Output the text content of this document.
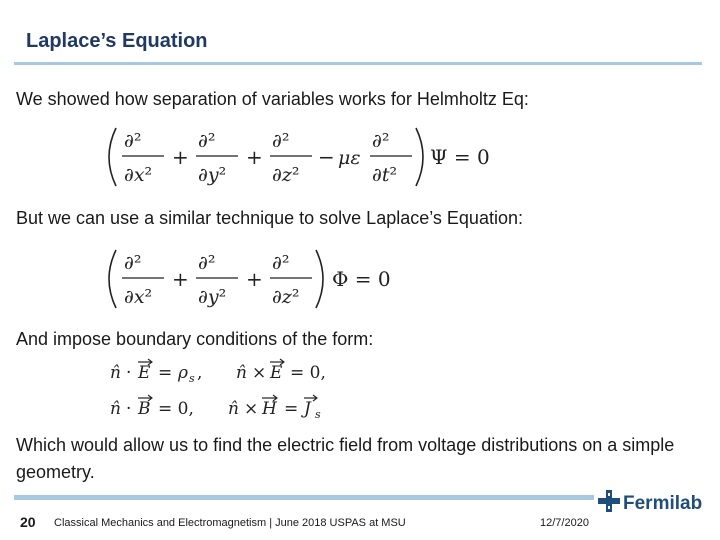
Laplace’s Equation
We showed how separation of variables works for Helmholtz Eq:
∂²
∂x²
+
∂²
∂y²
+
∂²
∂z²
− με
∂²
∂t²
Ψ = 0
But we can use a similar technique to solve Laplace’s Equation:
∂²
∂x²
+
∂²
∂y²
+
∂²
∂z²
Φ = 0
And impose boundary conditions of the form:
n̂ · E = ρ s , n̂ × E = 0,
n̂ · B = 0, n̂ × H = J s
Which would allow us to find the electric field from voltage distributions on a simple geometry.
Fermilab
20 Classical Mechanics and Electromagnetism | June 2018 USPAS at MSU	12/7/2020
